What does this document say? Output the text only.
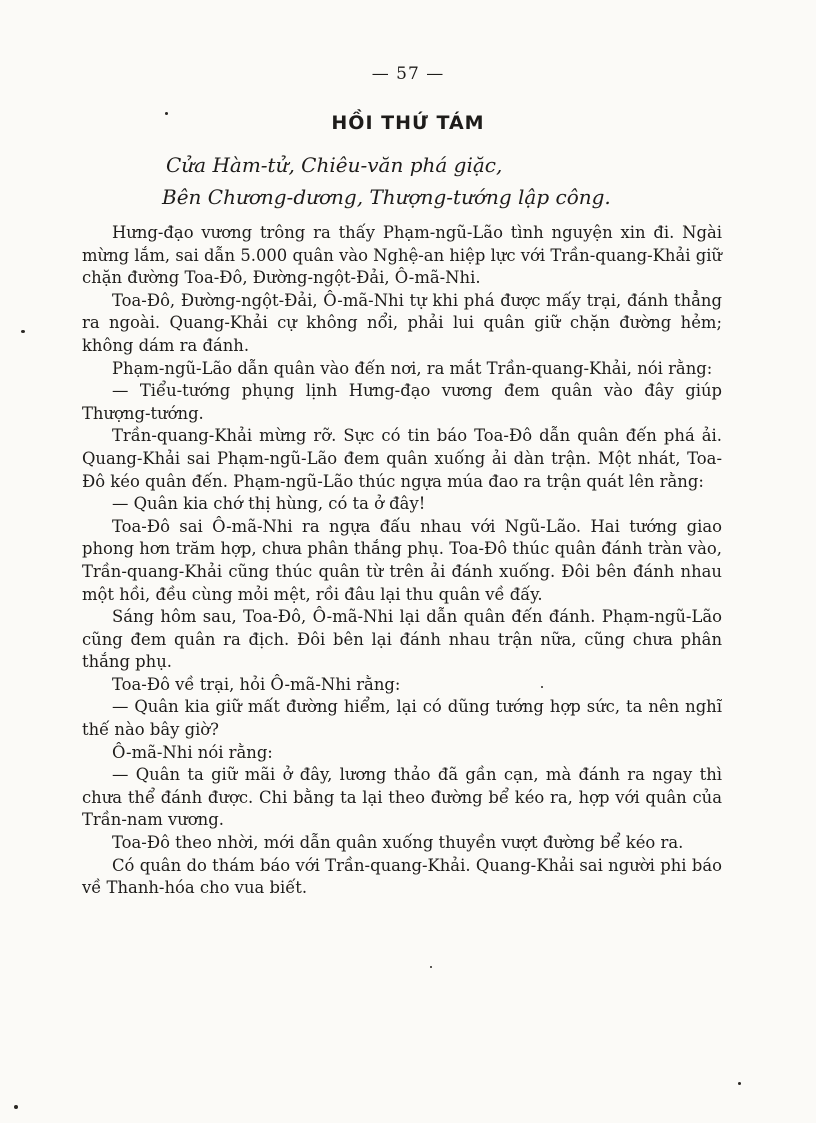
— 57 —
HỒI THỨ TÁM
Cửa Hàm-tử, Chiêu-văn phá giặc,
Bên Chương-dương, Thượng-tướng lập công.

Hưng-đạo vương trông ra thấy Phạm-ngũ-Lão tình nguyện xin đi. Ngài mừng lắm, sai dẫn 5.000 quân vào Nghệ-an hiệp lực với Trần-quang-Khải giữ chặn đường Toa-Đô, Đường-ngột-Đải, Ô-mã-Nhi.

Toa-Đô, Đường-ngột-Đải, Ô-mã-Nhi tự khi phá được mấy trại, đánh thẳng ra ngoài. Quang-Khải cự không nổi, phải lui quân giữ chặn đường hẻm; không dám ra đánh.

Phạm-ngũ-Lão dẫn quân vào đến nơi, ra mắt Trần-quang-Khải, nói rằng:

— Tiểu-tướng phụng lịnh Hưng-đạo vương đem quân vào đây giúp Thượng-tướng.

Trần-quang-Khải mừng rỡ. Sực có tin báo Toa-Đô dẫn quân đến phá ải. Quang-Khải sai Phạm-ngũ-Lão đem quân xuống ải dàn trận. Một nhát, Toa-Đô kéo quân đến. Phạm-ngũ-Lão thúc ngựa múa đao ra trận quát lên rằng:

— Quân kia chớ thị hùng, có ta ở đây!

Toa-Đô sai Ô-mã-Nhi ra ngựa đấu nhau với Ngũ-Lão. Hai tướng giao phong hơn trăm hợp, chưa phân thắng phụ. Toa-Đô thúc quân đánh tràn vào, Trần-quang-Khải cũng thúc quân từ trên ải đánh xuống. Đôi bên đánh nhau một hồi, đều cùng mỏi mệt, rồi đâu lại thu quân về đấy.

Sáng hôm sau, Toa-Đô, Ô-mã-Nhi lại dẫn quân đến đánh. Phạm-ngũ-Lão cũng đem quân ra địch. Đôi bên lại đánh nhau trận nữa, cũng chưa phân thắng phụ.

Toa-Đô về trại, hỏi Ô-mã-Nhi rằng:

— Quân kia giữ mất đường hiểm, lại có dũng tướng hợp sức, ta nên nghĩ thế nào bây giờ?

Ô-mã-Nhi nói rằng:

— Quân ta giữ mãi ở đây, lương thảo đã gần cạn, mà đánh ra ngay thì chưa thể đánh được. Chi bằng ta lại theo đường bể kéo ra, hợp với quân của Trần-nam vương.

Toa-Đô theo nhời, mới dẫn quân xuống thuyền vượt đường bể kéo ra.

Có quân do thám báo với Trần-quang-Khải. Quang-Khải sai người phi báo về Thanh-hóa cho vua biết.
